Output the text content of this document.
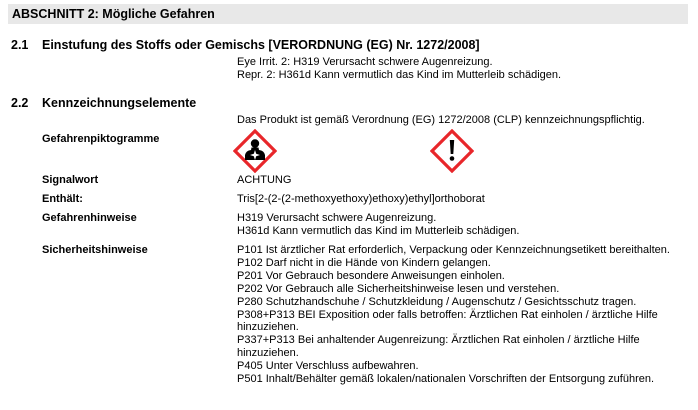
ABSCHNITT 2: Mögliche Gefahren
2.1 Einstufung des Stoffs oder Gemischs [VERORDNUNG (EG) Nr. 1272/2008]
Eye Irrit. 2: H319 Verursacht schwere Augenreizung.
Repr. 2: H361d Kann vermutlich das Kind im Mutterleib schädigen.
2.2 Kennzeichnungselemente
Das Produkt ist gemäß Verordnung (EG) 1272/2008 (CLP) kennzeichnungspflichtig.
Gefahrenpiktogramme
Signalwort	ACHTUNG
Enthält:	Tris[2-(2-(2-methoxyethoxy)ethoxy)ethyl]orthoborat
Gefahrenhinweise	H319 Verursacht schwere Augenreizung.
H361d Kann vermutlich das Kind im Mutterleib schädigen.
Sicherheitshinweise	P101 Ist ärztlicher Rat erforderlich, Verpackung oder Kennzeichnungsetikett bereithalten.
P102 Darf nicht in die Hände von Kindern gelangen.
P201 Vor Gebrauch besondere Anweisungen einholen.
P202 Vor Gebrauch alle Sicherheitshinweise lesen und verstehen.
P280 Schutzhandschuhe / Schutzkleidung / Augenschutz / Gesichtsschutz tragen.
P308+P313 BEI Exposition oder falls betroffen: Ärztlichen Rat einholen / ärztliche Hilfe
hinzuziehen.
P337+P313 Bei anhaltender Augenreizung: Ärztlichen Rat einholen / ärztliche Hilfe
hinzuziehen.
P405 Unter Verschluss aufbewahren.
P501 Inhalt/Behälter gemäß lokalen/nationalen Vorschriften der Entsorgung zuführen.
